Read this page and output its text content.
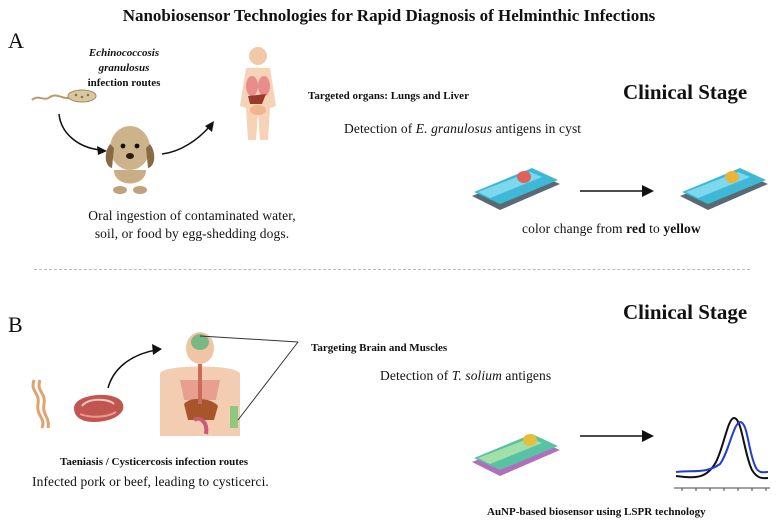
Nanobiosensor Technologies for Rapid Diagnosis of Helminthic Infections
A	Echinococcosis granulosus
infection routes
Targeted organs: Lungs and Liver	Clinical Stage
Detection of E. granulosus antigens in cyst
Oral ingestion of contaminated water,
soil, or food by egg-shedding dogs.	color change from red to yellow
B	Clinical Stage
Targeting Brain and Muscles
Detection of T. solium antigens
Taeniasis / Cysticercosis infection routes
Infected pork or beef, leading to cysticerci.
AuNP-based biosensor using LSPR technology
